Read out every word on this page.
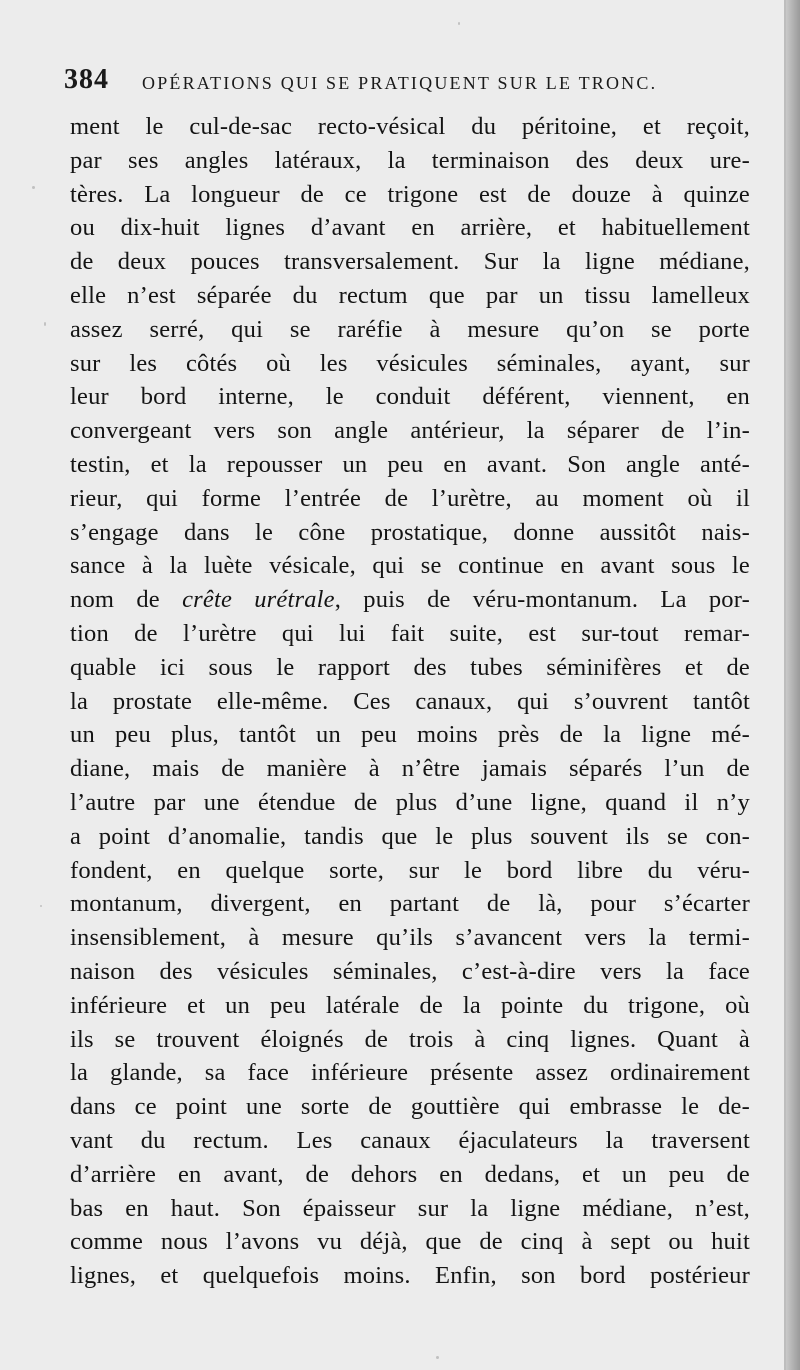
384 OPÉRATIONS QUI SE PRATIQUENT SUR LE TRONC.
ment le cul-de-sac recto-vésical du péritoine, et reçoit,
par ses angles latéraux, la terminaison des deux ure-
tères. La longueur de ce trigone est de douze à quinze
ou dix-huit lignes d’avant en arrière, et habituellement
de deux pouces transversalement. Sur la ligne médiane,
elle n’est séparée du rectum que par un tissu lamelleux
assez serré, qui se raréfie à mesure qu’on se porte
sur les côtés où les vésicules séminales, ayant, sur
leur bord interne, le conduit déférent, viennent, en
convergeant vers son angle antérieur, la séparer de l’in-
testin, et la repousser un peu en avant. Son angle anté-
rieur, qui forme l’entrée de l’urètre, au moment où il
s’engage dans le cône prostatique, donne aussitôt nais-
sance à la luète vésicale, qui se continue en avant sous le
nom de crête urétrale, puis de véru-montanum. La por-
tion de l’urètre qui lui fait suite, est sur-tout remar-
quable ici sous le rapport des tubes séminifères et de
la prostate elle-même. Ces canaux, qui s’ouvrent tantôt
un peu plus, tantôt un peu moins près de la ligne mé-
diane, mais de manière à n’être jamais séparés l’un de
l’autre par une étendue de plus d’une ligne, quand il n’y
a point d’anomalie, tandis que le plus souvent ils se con-
fondent, en quelque sorte, sur le bord libre du véru-
montanum, divergent, en partant de là, pour s’écarter
insensiblement, à mesure qu’ils s’avancent vers la termi-
naison des vésicules séminales, c’est-à-dire vers la face
inférieure et un peu latérale de la pointe du trigone, où
ils se trouvent éloignés de trois à cinq lignes. Quant à
la glande, sa face inférieure présente assez ordinairement
dans ce point une sorte de gouttière qui embrasse le de-
vant du rectum. Les canaux éjaculateurs la traversent
d’arrière en avant, de dehors en dedans, et un peu de
bas en haut. Son épaisseur sur la ligne médiane, n’est,
comme nous l’avons vu déjà, que de cinq à sept ou huit
lignes, et quelquefois moins. Enfin, son bord postérieur
